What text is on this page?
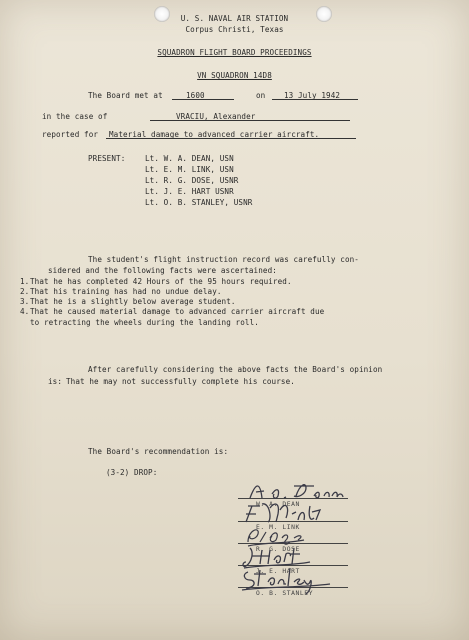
U. S. NAVAL AIR STATION
Corpus Christi, Texas
SQUADRON FLIGHT BOARD PROCEEDINGS
VN SQUADRON 14D8
The Board met at	1600	on 13 July 1942
in the case of	VRACIU, Alexander
reported for Material damage to advanced carrier aircraft.
PRESENT:	Lt. W. A. DEAN, USN
Lt. E. M. LINK, USN
Lt. R. G. DOSE, USNR
Lt. J. E. HART USNR
Lt. O. B. STANLEY, USNR
The student's flight instruction record was carefully con-
sidered and the following facts were ascertained:
1. That he has completed 42 Hours of the 95 hours required.
2. That his training has had no undue delay.
3. That he is a slightly below average student.
4. That he caused material damage to advanced carrier aircraft due
to retracting the wheels during the landing roll.
After carefully considering the above facts the Board's opinion
is: That he may not successfully complete his course.
The Board's recommendation is:
(3-2) DROP:
W. A. DEAN
E. M. LINK
R. G. DOSE
J. E. HART
O. B. STANLEY
